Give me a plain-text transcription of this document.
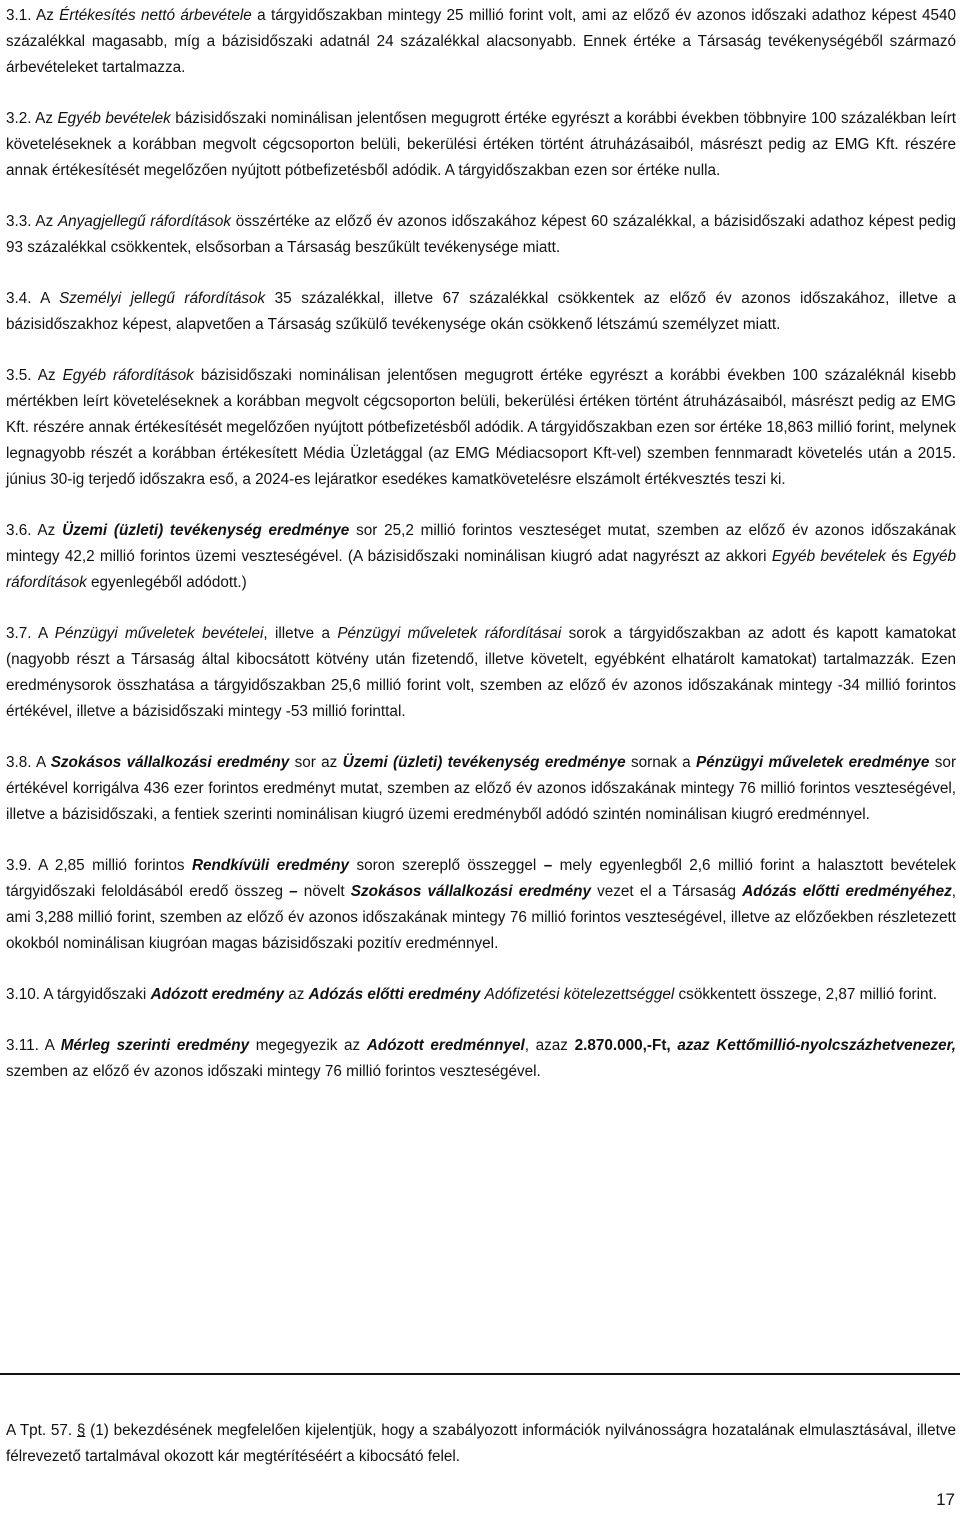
3.1. Az Értékesítés nettó árbevétele a tárgyidőszakban mintegy 25 millió forint volt, ami az előző év azonos időszaki adathoz képest 4540 százalékkal magasabb, míg a bázisidőszaki adatnál 24 százalékkal alacsonyabb. Ennek értéke a Társaság tevékenységéből származó árbevételeket tartalmazza.

3.2. Az Egyéb bevételek bázisidőszaki nominálisan jelentősen megugrott értéke egyrészt a korábbi években többnyire 100 százalékban leírt követeléseknek a korábban megvolt cégcsoporton belüli, bekerülési értéken történt átruházásaiból, másrészt pedig az EMG Kft. részére annak értékesítését megelőzően nyújtott pótbefizetésből adódik. A tárgyidőszakban ezen sor értéke nulla.

3.3. Az Anyagjellegű ráfordítások összértéke az előző év azonos időszakához képest 60 százalékkal, a bázisidőszaki adathoz képest pedig 93 százalékkal csökkentek, elsősorban a Társaság beszűkült tevékenysége miatt.

3.4. A Személyi jellegű ráfordítások 35 százalékkal, illetve 67 százalékkal csökkentek az előző év azonos időszakához, illetve a bázisidőszakhoz képest, alapvetően a Társaság szűkülő tevékenysége okán csökkenő létszámú személyzet miatt.

3.5. Az Egyéb ráfordítások bázisidőszaki nominálisan jelentősen megugrott értéke egyrészt a korábbi években 100 százaléknál kisebb mértékben leírt követeléseknek a korábban megvolt cégcsoporton belüli, bekerülési értéken történt átruházásaiból, másrészt pedig az EMG Kft. részére annak értékesítését megelőzően nyújtott pótbefizetésből adódik. A tárgyidőszakban ezen sor értéke 18,863 millió forint, melynek legnagyobb részét a korábban értékesített Média Üzletággal (az EMG Médiacsoport Kft-vel) szemben fennmaradt követelés után a 2015. június 30-ig terjedő időszakra eső, a 2024-es lejáratkor esedékes kamatkövetelésre elszámolt értékvesztés teszi ki.

3.6. Az Üzemi (üzleti) tevékenység eredménye sor 25,2 millió forintos veszteséget mutat, szemben az előző év azonos időszakának mintegy 42,2 millió forintos üzemi veszteségével. (A bázisidőszaki nominálisan kiugró adat nagyrészt az akkori Egyéb bevételek és Egyéb ráfordítások egyenlegéből adódott.)

3.7. A Pénzügyi műveletek bevételei, illetve a Pénzügyi műveletek ráfordításai sorok a tárgyidőszakban az adott és kapott kamatokat (nagyobb részt a Társaság által kibocsátott kötvény után fizetendő, illetve követelt, egyébként elhatárolt kamatokat) tartalmazzák. Ezen eredménysorok összhatása a tárgyidőszakban 25,6 millió forint volt, szemben az előző év azonos időszakának mintegy -34 millió forintos értékével, illetve a bázisidőszaki mintegy -53 millió forinttal.

3.8. A Szokásos vállalkozási eredmény sor az Üzemi (üzleti) tevékenység eredménye sornak a Pénzügyi műveletek eredménye sor értékével korrigálva 436 ezer forintos eredményt mutat, szemben az előző év azonos időszakának mintegy 76 millió forintos veszteségével, illetve a bázisidőszaki, a fentiek szerinti nominálisan kiugró üzemi eredményből adódó szintén nominálisan kiugró eredménnyel.

3.9. A 2,85 millió forintos Rendkívüli eredmény soron szereplő összeggel – mely egyenlegből 2,6 millió forint a halasztott bevételek tárgyidőszaki feloldásából eredő összeg – növelt Szokásos vállalkozási eredmény vezet el a Társaság Adózás előtti eredményéhez, ami 3,288 millió forint, szemben az előző év azonos időszakának mintegy 76 millió forintos veszteségével, illetve az előzőekben részletezett okokból nominálisan kiugróan magas bázisidőszaki pozitív eredménnyel.

3.10. A tárgyidőszaki Adózott eredmény az Adózás előtti eredmény Adófizetési kötelezettséggel csökkentett összege, 2,87 millió forint.

3.11. A Mérleg szerinti eredmény megegyezik az Adózott eredménnyel, azaz 2.870.000,-Ft, azaz Kettőmillió-nyolcszázhetvenezer, szemben az előző év azonos időszaki mintegy 76 millió forintos veszteségével.

A Tpt. 57. § (1) bekezdésének megfelelően kijelentjük, hogy a szabályozott információk nyilvánosságra hozatalának elmulasztásával, illetve félrevezető tartalmával okozott kár megtérítéséért a kibocsátó felel.

17
